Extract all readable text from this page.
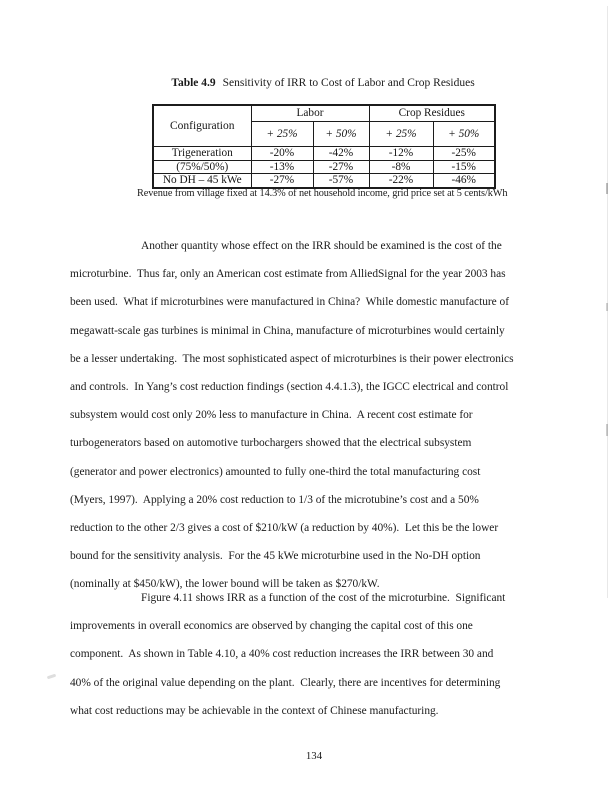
Table 4.9 Sensitivity of IRR to Cost of Labor and Crop Residues
Configuration	Labor		Crop Residues	
	+ 25%	+ 50%	+ 25%	+ 50%
Trigeneration	-20%	-42%	-12%	-25%
(75%/50%)	-13%	-27%	-8%	-15%
No DH – 45 kWe	-27%	-57%	-22%	-46%
Revenue from village fixed at 14.3% of net household income, grid price set at 5 cents/kWh
Another quantity whose effect on the IRR should be examined is the cost of the
microturbine.  Thus far, only an American cost estimate from AlliedSignal for the year 2003 has
been used.  What if microturbines were manufactured in China?  While domestic manufacture of
megawatt-scale gas turbines is minimal in China, manufacture of microturbines would certainly
be a lesser undertaking.  The most sophisticated aspect of microturbines is their power electronics
and controls.  In Yang’s cost reduction findings (section 4.4.1.3), the IGCC electrical and control
subsystem would cost only 20% less to manufacture in China.  A recent cost estimate for
turbogenerators based on automotive turbochargers showed that the electrical subsystem
(generator and power electronics) amounted to fully one-third the total manufacturing cost
(Myers, 1997).  Applying a 20% cost reduction to 1/3 of the microtubine’s cost and a 50%
reduction to the other 2/3 gives a cost of $210/kW (a reduction by 40%).  Let this be the lower
bound for the sensitivity analysis.  For the 45 kWe microturbine used in the No-DH option
(nominally at $450/kW), the lower bound will be taken as $270/kW.
Figure 4.11 shows IRR as a function of the cost of the microturbine.  Significant
improvements in overall economics are observed by changing the capital cost of this one
component.  As shown in Table 4.10, a 40% cost reduction increases the IRR between 30 and
40% of the original value depending on the plant.  Clearly, there are incentives for determining
what cost reductions may be achievable in the context of Chinese manufacturing.
134
